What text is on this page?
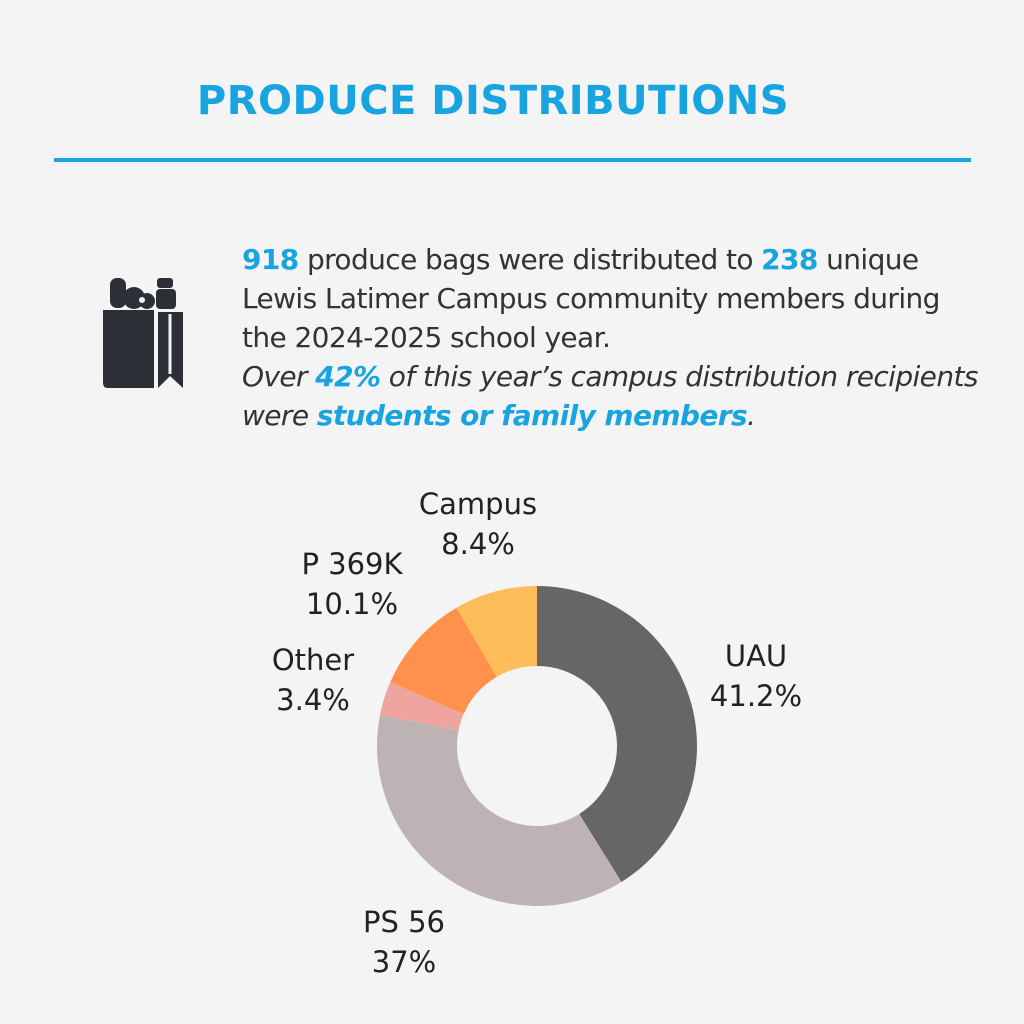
PRODUCE DISTRIBUTIONS

918 produce bags were distributed to 238 unique Lewis Latimer Campus community members during the 2024-2025 school year.

Over 42% of this year’s campus distribution recipients were students or family members.

UAU 41.2%
PS 56 37%
Other 3.4%
P 369K 10.1%
Campus 8.4%
